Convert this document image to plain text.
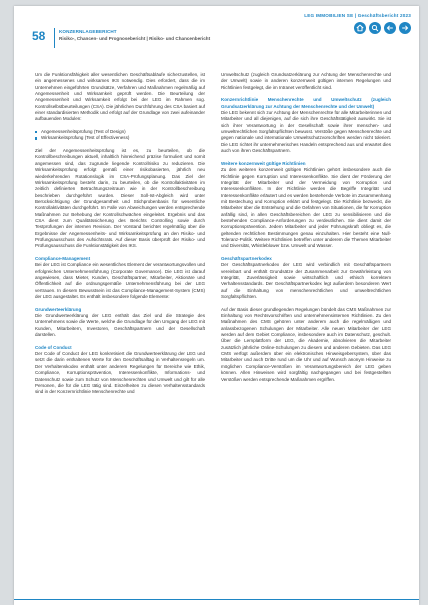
58	KONZERNLAGEBERICHT
Risiko-, Chancen- und Prognosebericht | Risiko- und Chancenbericht
LEG IMMOBILIEN SE | Geschäftsbericht 2023

Um die Funktionsfähigkeit aller wesentlichen Geschäftsabläufe sicherzustellen, ist ein angemessenes und wirksames IKS notwendig. Dies erfordert, dass die im Unternehmen eingeführten Grundsätze, Verfahren und Maßnahmen regelmäßig auf Angemessenheit und Wirksamkeit geprüft werden. Die Beurteilung der Angemessenheit und Wirksamkeit erfolgt bei der LEG im Rahmen sog. Kontrollselbstbeurteilungen (CSA). Die jährlichen Durchführung des CSA basiert auf einer standardisierten Methodik und erfolgt auf der Grundlage von zwei aufeinander aufbauenden Modulen:

Angemessenheitsprüfung (Test of Design)
Wirksamkeitsprüfung (Test of Effectiveness)

Ziel der Angemessenheitsprüfung ist es, zu beurteilen, ob die Kontrollbeschreibungen aktuell, inhaltlich hinreichend präzise formuliert und somit angemessen sind, das zugrunde liegende Kontrollrisiko zu reduzieren. Die Wirksamkeitsprüfung erfolgt gemäß einer risikobasierten, jährlich neu wiederkehrenden Rotationslogik im CSA-Prüfungsplanung. Das Ziel der Wirksamkeitsprüfung besteht darin, zu beurteilen, ob die Kontrollaktivitäten im zeitlich definierten Betrachtungszeitraum wie in der Kontrollbeschreibung beschrieben durchgeführt wurden. Dieser Soll-Ist-Abgleich wird unter Berücksichtigung der Grundgesamtheit und Stichprobenbasis für wesentliche Kontrollaktivitäten durchgeführt. Im Falle von Abweichungen werden entsprechende Maßnahmen zur Behebung der Kontrollschwächen eingeleitet. Ergebnis und das CSA dient zum Qualitätssicherung des Berichts Controlling sowie durch Testprüfungen der internen Revision. Der Vorstand berichtet regelmäßig über die Ergebnisse der Angemessenheits- und Wirksamkeitsprüfung an den Risiko- und Prüfungsausschuss des Aufsichtsrats. Auf dieser Basis überprüft der Risiko- und Prüfungsausschuss die Funktionstätigkeit des IKS.

Compliance-Management

Bei der LEG ist Compliance ein wesentliches Element der verantwortungsvollen und erfolgreichen Unternehmensführung (Corporate Governance). Die LEG ist darauf angewiesen, dass Mieter, Kunden, Geschäftspartner, Mitarbeiter, Aktionäre und Öffentlichkeit auf die ordnungsgemäße Unternehmensführung bei der LEG vertrauen. In diesem Bewusstsein ist das Compliance-Management-System (CMS) der LEG ausgestaltet. Es enthält insbesondere folgende Elemente:

Grundwerteerklärung

Die Grundwerteerklärung der LEG enthält das Ziel und die Strategie des Unternehmens sowie die Werte, welche die Grundlage für den Umgang der LEG mit Kunden, Mitarbeitern, Investoren, Geschäftspartnern und der Gesellschaft darstellen.

Code of Conduct

Der Code of Conduct der LEG konkretisiert die Grundwerteerklärung der LEG und setzt die darin enthaltenen Werte für den Geschäftsalltag in Verhaltensregeln um. Der Verhaltenskodex enthält unter anderem Regelungen für Bereiche wie Ethik, Compliance, Korruptionsprävention, Interessenkonflikte, Informations- und Datenschutz sowie zum Schutz von Menschenrechten und Umwelt und gilt für alle Personen, die für die LEG tätig sind. Einzelheiten zu diesen Verhaltensstandards sind in der Konzernrichtlinie Menschenrechte und

Umweltschutz (zugleich Grundsatzerklärung zur Achtung der Menschenrechte und der Umwelt) sowie in anderen konzernweit gültigen internen Regelungen und Richtlinien festgelegt, die im Intranet veröffentlicht sind.

Konzernrichtlinie Menschenrechte und Umweltschutz (zugleich Grundsatzerklärung zur Achtung der Menschenrechte und der Umwelt)

Die LEG bekennt sich zur Achtung der Menschenrechte für alle Mitarbeiterinnen und Mitarbeiter und all diejenigen, auf die sich ihre Geschäftstätigkeit auswirkt. Sie ist sich ihrer Verantwortung in der Gesellschaft sowie ihrer menschen- und umweltrechtlichen Sorgfaltspflichten bewusst. Verstöße gegen Menschenrechte und gegen nationale und internationale Umweltschutzvorschriften werden nicht toleriert. Die LEG richtet ihr unternehmerisches Handeln entsprechend aus und erwartet dies auch von ihren Geschäftspartnern.

Weitere konzernweit gültige Richtlinien

Zu den weiteren konzernweit gültigen Richtlinien gehört insbesondere auch die Richtlinie gegen Korruption und Interessenkonflikte. Sie dient der Förderung der Integrität der Mitarbeiter und der Vermeidung von Korruption und Interessenkonflikten. In der Richtlinie werden die Begriffe Integrität und Interessenkonflikte erläutert und es werden bestehende Verbote im Zusammenhang mit Bestechung und Korruption erklärt und festgelegt. Die Richtlinie bezweckt, die Mitarbeiter über die Entstehung und die Gefahren von Situationen, die für Korruption anfällig sind, in allen Geschäftsbereichen der LEG zu sensibilisieren und die bestehenden Compliance-Anforderungen zu verdeutlichen. Sie dient damit der Korruptionsprävention. Jedem Mitarbeiter und jeder Führungskraft obliegt es, die geltenden rechtlichen Bestimmungen genau einzuhalten. Hier besteht eine Null-Toleranz-Politik. Weitere Richtlinien betreffen unter anderem die Themen Mitarbeiter und Diversität, Whistleblower bzw. Umwelt und Wasser.

Geschäftspartnerkodex

Der Geschäftspartnerkodex der LEG wird verbindlich mit Geschäftspartnern vereinbart und enthält Grundsätze der Zusammenarbeit zur Gewährleistung von Integrität, Zuverlässigkeit sowie wirtschaftlich und ethisch korrektem Verhaltensstandards. Der Geschäftspartnerkodex legt außerdem besonderen Wert auf die Einhaltung von menschenrechtlichen und umweltrechtlichen Sorgfaltspflichten.

Auf der Basis dieser grundlegenden Regelungen bündelt das CMS Maßnahmen zur Einhaltung von Rechtsvorschriften und unternehmensinternen Richtlinien. Zu den Maßnahmen des CMS gehören unter anderem auch die regelmäßigen und anlassbezogenen Schulungen der Mitarbeiter. Alle neuen Mitarbeiter der LEG werden auf dem Gebiet Compliance, insbesondere auch im Datenschutz, geschult. Über die Lernplattform der LEG, die Akademie, absolvieren die Mitarbeiter zusätzlich jährliche Online-Schulungen zu diesem und anderen Gebieten. Das LEG CMS verfügt außerdem über ein elektronisches Hinweisgebersystem, über das Mitarbeiter und auch Dritte rund um die Uhr und auf Wunsch anonym Hinweise zu möglichen Compliance-Verstößen im Verantwortungsbereich der LEG geben können. Allen Hinweisen wird sorgfältig nachgegangen und bei festgestellten Verstößen werden entsprechende Maßnahmen ergriffen.
